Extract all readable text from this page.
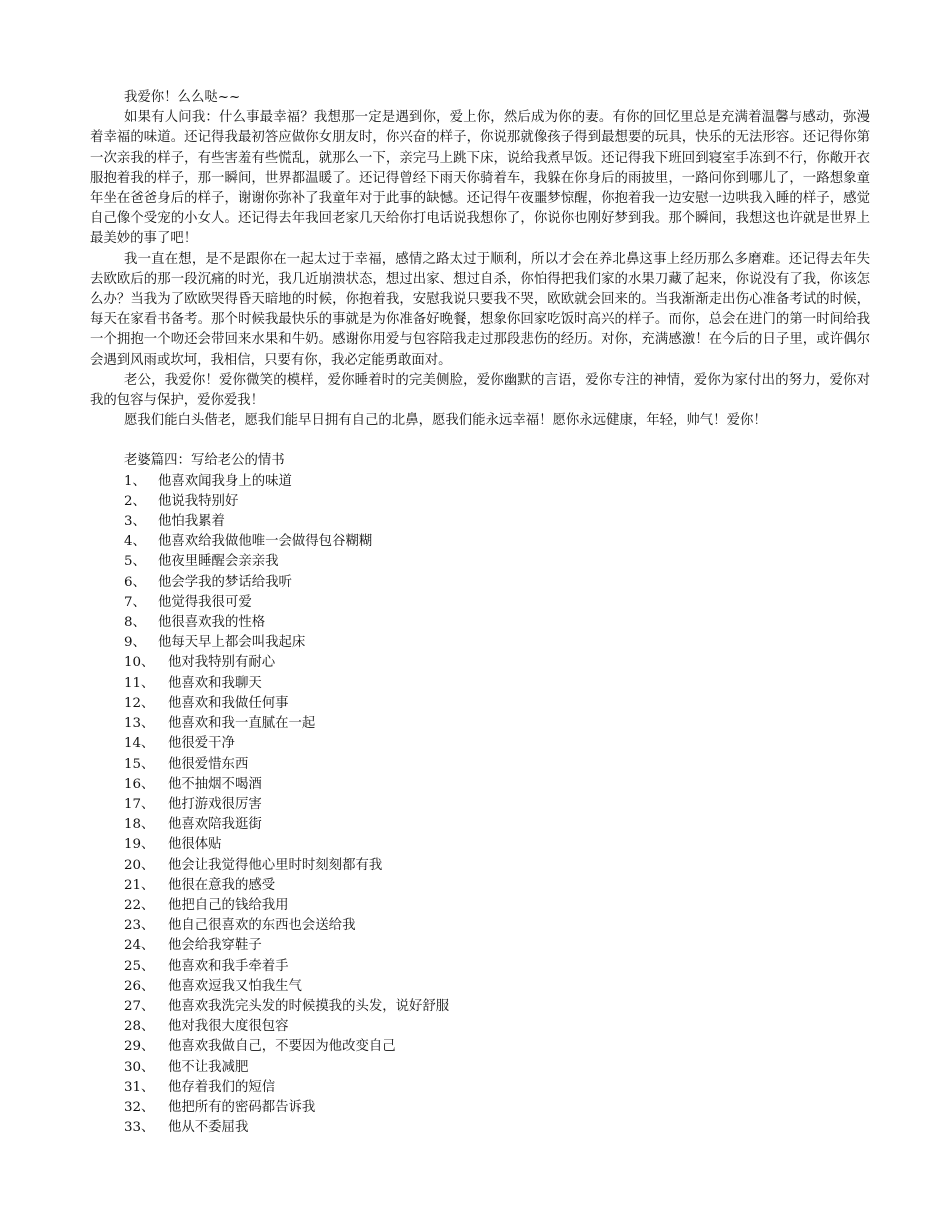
我爱你！么么哒~~

如果有人问我：什么事最幸福？我想那一定是遇到你，爱上你，然后成为你的妻。有你的回忆里总是充满着温馨与感动，弥漫着幸福的味道。还记得我最初答应做你女朋友时，你兴奋的样子，你说那就像孩子得到最想要的玩具，快乐的无法形容。还记得你第一次亲我的样子，有些害羞有些慌乱，就那么一下，亲完马上跳下床，说给我煮早饭。还记得我下班回到寝室手冻到不行，你敞开衣服抱着我的样子，那一瞬间，世界都温暖了。还记得曾经下雨天你骑着车，我躲在你身后的雨披里，一路问你到哪儿了，一路想象童年坐在爸爸身后的样子，谢谢你弥补了我童年对于此事的缺憾。还记得午夜噩梦惊醒，你抱着我一边安慰一边哄我入睡的样子，感觉自己像个受宠的小女人。还记得去年我回老家几天给你打电话说我想你了，你说你也刚好梦到我。那个瞬间，我想这也许就是世界上最美妙的事了吧！

我一直在想，是不是跟你在一起太过于幸福，感情之路太过于顺利，所以才会在养北鼻这事上经历那么多磨难。还记得去年失去欧欧后的那一段沉痛的时光，我几近崩溃状态，想过出家、想过自杀，你怕得把我们家的水果刀藏了起来，你说没有了我，你该怎么办？当我为了欧欧哭得昏天暗地的时候，你抱着我，安慰我说只要我不哭，欧欧就会回来的。当我渐渐走出伤心准备考试的时候，每天在家看书备考。那个时候我最快乐的事就是为你准备好晚餐，想象你回家吃饭时高兴的样子。而你，总会在进门的第一时间给我一个拥抱一个吻还会带回来水果和牛奶。感谢你用爱与包容陪我走过那段悲伤的经历。对你，充满感激！在今后的日子里，或许偶尔会遇到风雨或坎坷，我相信，只要有你，我必定能勇敢面对。

老公，我爱你！爱你微笑的模样，爱你睡着时的完美侧脸，爱你幽默的言语，爱你专注的神情，爱你为家付出的努力，爱你对我的包容与保护，爱你爱我！

愿我们能白头偕老，愿我们能早日拥有自己的北鼻，愿我们能永远幸福！愿你永远健康，年轻，帅气！爱你！

老婆篇四：写给老公的情书

1、 他喜欢闻我身上的味道
2、 他说我特别好
3、 他怕我累着
4、 他喜欢给我做他唯一会做得包谷糊糊
5、 他夜里睡醒会亲亲我
6、 他会学我的梦话给我听
7、 他觉得我很可爱
8、 他很喜欢我的性格
9、 他每天早上都会叫我起床
10、 他对我特别有耐心
11、 他喜欢和我聊天
12、 他喜欢和我做任何事
13、 他喜欢和我一直腻在一起
14、 他很爱干净
15、 他很爱惜东西
16、 他不抽烟不喝酒
17、 他打游戏很厉害
18、 他喜欢陪我逛街
19、 他很体贴
20、 他会让我觉得他心里时时刻刻都有我
21、 他很在意我的感受
22、 他把自己的钱给我用
23、 他自己很喜欢的东西也会送给我
24、 他会给我穿鞋子
25、 他喜欢和我手牵着手
26、 他喜欢逗我又怕我生气
27、 他喜欢我洗完头发的时候摸我的头发，说好舒服
28、 他对我很大度很包容
29、 他喜欢我做自己，不要因为他改变自己
30、 他不让我减肥
31、 他存着我们的短信
32、 他把所有的密码都告诉我
33、 他从不委屈我
